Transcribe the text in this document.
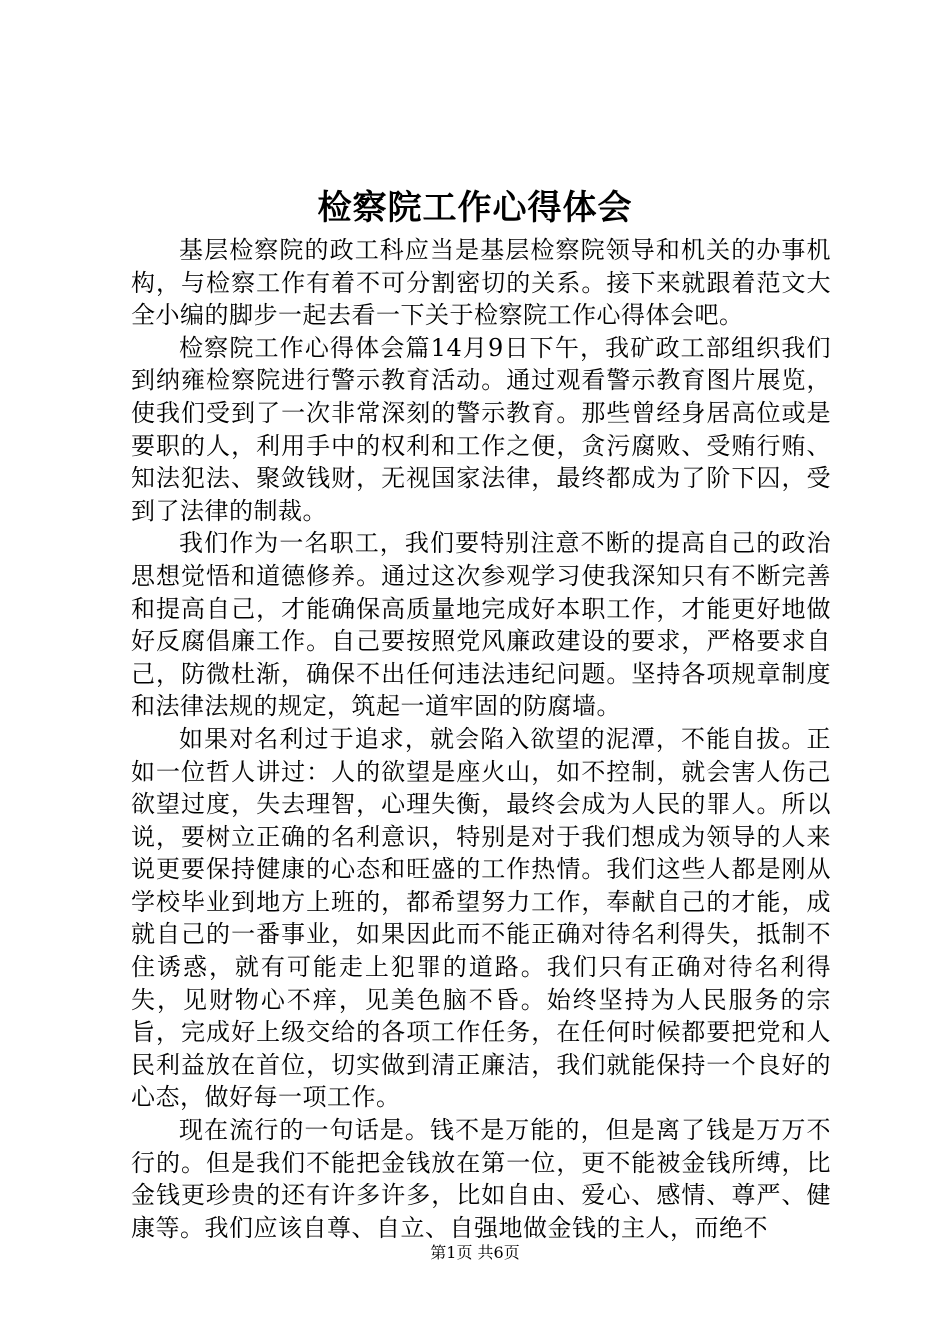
检察院工作心得体会

基层检察院的政工科应当是基层检察院领导和机关的办事机构，与检察工作有着不可分割密切的关系。接下来就跟着范文大全小编的脚步一起去看一下关于检察院工作心得体会吧。

检察院工作心得体会篇14月9日下午，我矿政工部组织我们到纳雍检察院进行警示教育活动。通过观看警示教育图片展览，使我们受到了一次非常深刻的警示教育。那些曾经身居高位或是要职的人，利用手中的权利和工作之便，贪污腐败、受贿行贿、知法犯法、聚敛钱财，无视国家法律，最终都成为了阶下囚，受到了法律的制裁。

我们作为一名职工，我们要特别注意不断的提高自己的政治思想觉悟和道德修养。通过这次参观学习使我深知只有不断完善和提高自己，才能确保高质量地完成好本职工作，才能更好地做好反腐倡廉工作。自己要按照党风廉政建设的要求，严格要求自己，防微杜渐，确保不出任何违法违纪问题。坚持各项规章制度和法律法规的规定，筑起一道牢固的防腐墙。

如果对名利过于追求，就会陷入欲望的泥潭，不能自拔。正如一位哲人讲过：人的欲望是座火山，如不控制，就会害人伤己欲望过度，失去理智，心理失衡，最终会成为人民的罪人。所以说，要树立正确的名利意识，特别是对于我们想成为领导的人来说更要保持健康的心态和旺盛的工作热情。我们这些人都是刚从学校毕业到地方上班的，都希望努力工作，奉献自己的才能，成就自己的一番事业，如果因此而不能正确对待名利得失，抵制不住诱惑，就有可能走上犯罪的道路。我们只有正确对待名利得失，见财物心不痒，见美色脑不昏。始终坚持为人民服务的宗旨，完成好上级交给的各项工作任务，在任何时候都要把党和人民利益放在首位，切实做到清正廉洁，我们就能保持一个良好的心态，做好每一项工作。

现在流行的一句话是。钱不是万能的，但是离了钱是万万不行的。但是我们不能把金钱放在第一位，更不能被金钱所缚，比金钱更珍贵的还有许多许多，比如自由、爱心、感情、尊严、健康等。我们应该自尊、自立、自强地做金钱的主人，而绝不

第1页 共6页
